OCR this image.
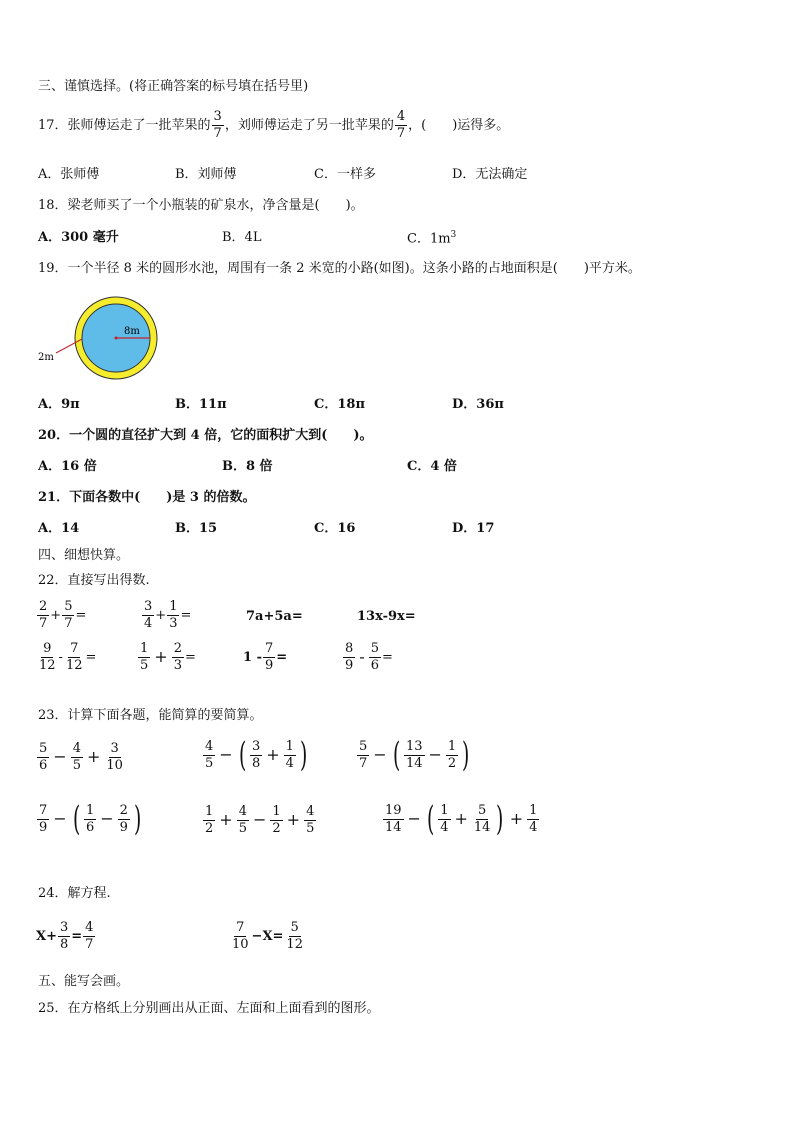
三、谨慎选择。(将正确答案的标号填在括号里)
17．张师傅运走了一批苹果的 $\frac{3}{7}$ ，刘师傅运走了另一批苹果的 $\frac{4}{7}$ ，(　　)运得多。
A．张师傅	B．刘师傅	C．一样多	D．无法确定
18．梁老师买了一个小瓶装的矿泉水，净含量是(　　)。
A．300 毫升	B．4L	C．$1m^3$
19．一个半径 8 米的圆形水池，周围有一条 2 米宽的小路(如图)。这条小路的占地面积是(　　)平方米。
8m
2m
A．9π	B．11π	C．18π	D．36π
20．一个圆的直径扩大到 4 倍，它的面积扩大到(　　)。
A．16 倍	B．8 倍	C．4 倍
21．下面各数中(　　)是 3 的倍数。
A．14	B．15	C．16	D．17
四、细想快算。
22．直接写出得数.
$\frac{2}{7} + \frac{5}{7}$ =	$\frac{3}{4} + \frac{1}{3}$ =	7a+5a=	13x-9x=
$\frac{9}{12} - \frac{7}{12}$ =	$\frac{1}{5} + \frac{2}{3}$ =	$1 - \frac{7}{9}$ =	$\frac{8}{9} - \frac{5}{6}$ =
23．计算下面各题，能简算的要简算。
$\frac{5}{6} - \frac{4}{5} + \frac{3}{10}$	$\frac{4}{5}$ − ( $\frac{3}{8} + \frac{1}{4}$ )	$\frac{5}{7}$ − ( $\frac{13}{14} - \frac{1}{2}$ )
$\frac{7}{9}$ − ( $\frac{1}{6} - \frac{2}{9}$ )	$\frac{1}{2} + \frac{4}{5} - \frac{1}{2} + \frac{4}{5}$	$\frac{19}{14}$ − ( $\frac{1}{4} + \frac{5}{14}$ ) + $\frac{1}{4}$
24．解方程.
$X+ \frac{3}{8} = \frac{4}{7}$	$\frac{7}{10} -X= \frac{5}{12}$
五、能写会画。
25．在方格纸上分别画出从正面、左面和上面看到的图形。
